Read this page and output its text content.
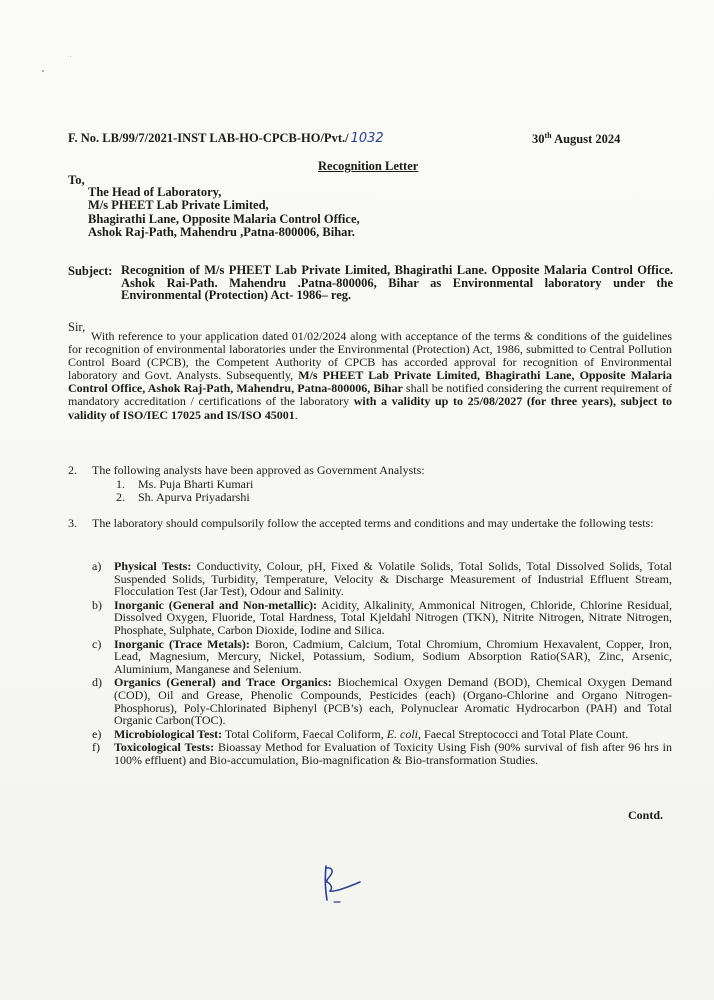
F. No. LB/99/7/2021-INST LAB-HO-CPCB-HO/Pvt./ 1032	30th August 2024
Recognition Letter
To,
The Head of Laboratory,
M/s PHEET Lab Private Limited,
Bhagirathi Lane, Opposite Malaria Control Office,
Ashok Raj-Path, Mahendru ,Patna-800006, Bihar.
Subject: Recognition of M/s PHEET Lab Private Limited, Bhagirathi Lane. Opposite Malaria Control Office. Ashok Rai-Path. Mahendru .Patna-800006, Bihar as Environmental laboratory under the Environmental (Protection) Act- 1986– reg.
Sir,
With reference to your application dated 01/02/2024 along with acceptance of the terms & conditions of the guidelines for recognition of environmental laboratories under the Environmental (Protection) Act, 1986, submitted to Central Pollution Control Board (CPCB), the Competent Authority of CPCB has accorded approval for recognition of Environmental laboratory and Govt. Analysts. Subsequently, M/s PHEET Lab Private Limited, Bhagirathi Lane, Opposite Malaria Control Office, Ashok Raj-Path, Mahendru, Patna-800006, Bihar shall be notified considering the current requirement of mandatory accreditation / certifications of the laboratory with a validity up to 25/08/2027 (for three years), subject to validity of ISO/IEC 17025 and IS/ISO 45001.
2. The following analysts have been approved as Government Analysts:
1. Ms. Puja Bharti Kumari
2. Sh. Apurva Priyadarshi
3. The laboratory should compulsorily follow the accepted terms and conditions and may undertake the following tests:
a) Physical Tests: Conductivity, Colour, pH, Fixed & Volatile Solids, Total Solids, Total Dissolved Solids, Total Suspended Solids, Turbidity, Temperature, Velocity & Discharge Measurement of Industrial Effluent Stream, Flocculation Test (Jar Test), Odour and Salinity.
b) Inorganic (General and Non-metallic): Acidity, Alkalinity, Ammonical Nitrogen, Chloride, Chlorine Residual, Dissolved Oxygen, Fluoride, Total Hardness, Total Kjeldahl Nitrogen (TKN), Nitrite Nitrogen, Nitrate Nitrogen, Phosphate, Sulphate, Carbon Dioxide, Iodine and Silica.
c) Inorganic (Trace Metals): Boron, Cadmium, Calcium, Total Chromium, Chromium Hexavalent, Copper, Iron, Lead, Magnesium, Mercury, Nickel, Potassium, Sodium, Sodium Absorption Ratio(SAR), Zinc, Arsenic, Aluminium, Manganese and Selenium.
d) Organics (General) and Trace Organics: Biochemical Oxygen Demand (BOD), Chemical Oxygen Demand (COD), Oil and Grease, Phenolic Compounds, Pesticides (each) (Organo-Chlorine and Organo Nitrogen-Phosphorus), Poly-Chlorinated Biphenyl (PCB’s) each, Polynuclear Aromatic Hydrocarbon (PAH) and Total Organic Carbon(TOC).
e) Microbiological Test: Total Coliform, Faecal Coliform, E. coli, Faecal Streptococci and Total Plate Count.
f) Toxicological Tests: Bioassay Method for Evaluation of Toxicity Using Fish (90% survival of fish after 96 hrs in 100% effluent) and Bio-accumulation, Bio-magnification & Bio-transformation Studies.
Contd.
